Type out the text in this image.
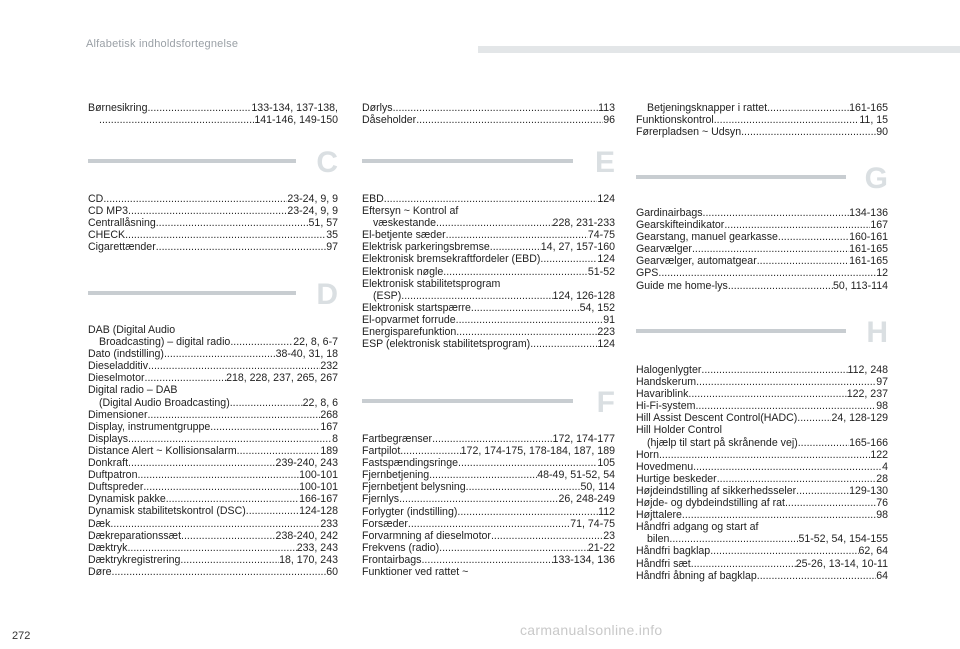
Alfabetisk indholdsfortegnelse
Børnesikring .....	133-134, 137-138,
.....
141-146, 149-150
C
CD .....	23-24, 9, 9
CD MP3 .....	23-24, 9, 9
Centrallåsning .....	51, 57
CHECK .....	35
Cigarettænder .....	97
D
DAB (Digital Audio
Broadcasting) – digital radio .....	22, 8, 6-7
Dato (indstilling) .....	38-40, 31, 18
Dieseladditiv .....	232
Dieselmotor .....	218, 228, 237, 265, 267
Digital radio – DAB
(Digital Audio Broadcasting) .....	22, 8, 6
Dimensioner .....	268
Display, instrumentgruppe .....	167
Displays .....	8
Distance Alert ~ Kollisionsalarm .....	189
Donkraft .....	239-240, 243
Duftpatron .....	100-101
Duftspreder .....	100-101
Dynamisk pakke .....	166-167
Dynamisk stabilitetskontrol (DSC) .....	124-128
Dæk .....	233
Dækreparationssæt .....	238-240, 242
Dæktryk .....	233, 243
Dæktrykregistrering .....	18, 170, 243
Døre .....	60
Dørlys .....	113
Dåseholder .....	96
E
EBD .....	124
Eftersyn ~ Kontrol af
væskestande .....	228, 231-233
El-betjente sæder .....	74-75
Elektrisk parkeringsbremse .....	14, 27, 157-160
Elektronisk bremsekraftfordeler (EBD) .....	124
Elektronisk nøgle .....	51-52
Elektronisk stabilitetsprogram
(ESP) .....	124, 126-128
Elektronisk startspærre .....	54, 152
El-opvarmet forrude .....	91
Energisparefunktion .....	223
ESP (elektronisk stabilitetsprogram) .....	124
F
Fartbegrænser .....	172, 174-177
Fartpilot .....	172, 174-175, 178-184, 187, 189
Fastspændingsringe .....	105
Fjernbetjening .....	48-49, 51-52, 54
Fjernbetjent belysning .....	50, 114
Fjernlys .....	26, 248-249
Forlygter (indstilling) .....	112
Forsæder .....	71, 74-75
Forvarmning af dieselmotor .....	23
Frekvens (radio) .....	21-22
Frontairbags .....	133-134, 136
Funktioner ved rattet ~
Betjeningsknapper i rattet .....	161-165
Funktionskontrol .....	11, 15
Førerpladsen ~ Udsyn .....	90
G
Gardinairbags .....	134-136
Gearskifteindikator .....	167
Gearstang, manuel gearkasse .....	160-161
Gearvælger .....	161-165
Gearvælger, automatgear .....	161-165
GPS .....	12
Guide me home-lys .....	50, 113-114
H
Halogenlygter .....	112, 248
Handskerum .....	97
Havariblink .....	122, 237
Hi-Fi-system .....	98
Hill Assist Descent Control(HADC) .....	24, 128-129
Hill Holder Control
(hjælp til start på skrånende vej) .....	165-166
Horn .....	122
Hovedmenu .....	4
Hurtige beskeder .....	28
Højdeindstilling af sikkerhedsseler .....	129-130
Højde- og dybdeindstilling af rat .....	76
Højttalere .....	98
Håndfri adgang og start af
bilen .....	51-52, 54, 154-155
Håndfri bagklap .....	62, 64
Håndfri sæt .....	25-26, 13-14, 10-11
Håndfri åbning af bagklap .....	64
272	carmanualsonline.info
